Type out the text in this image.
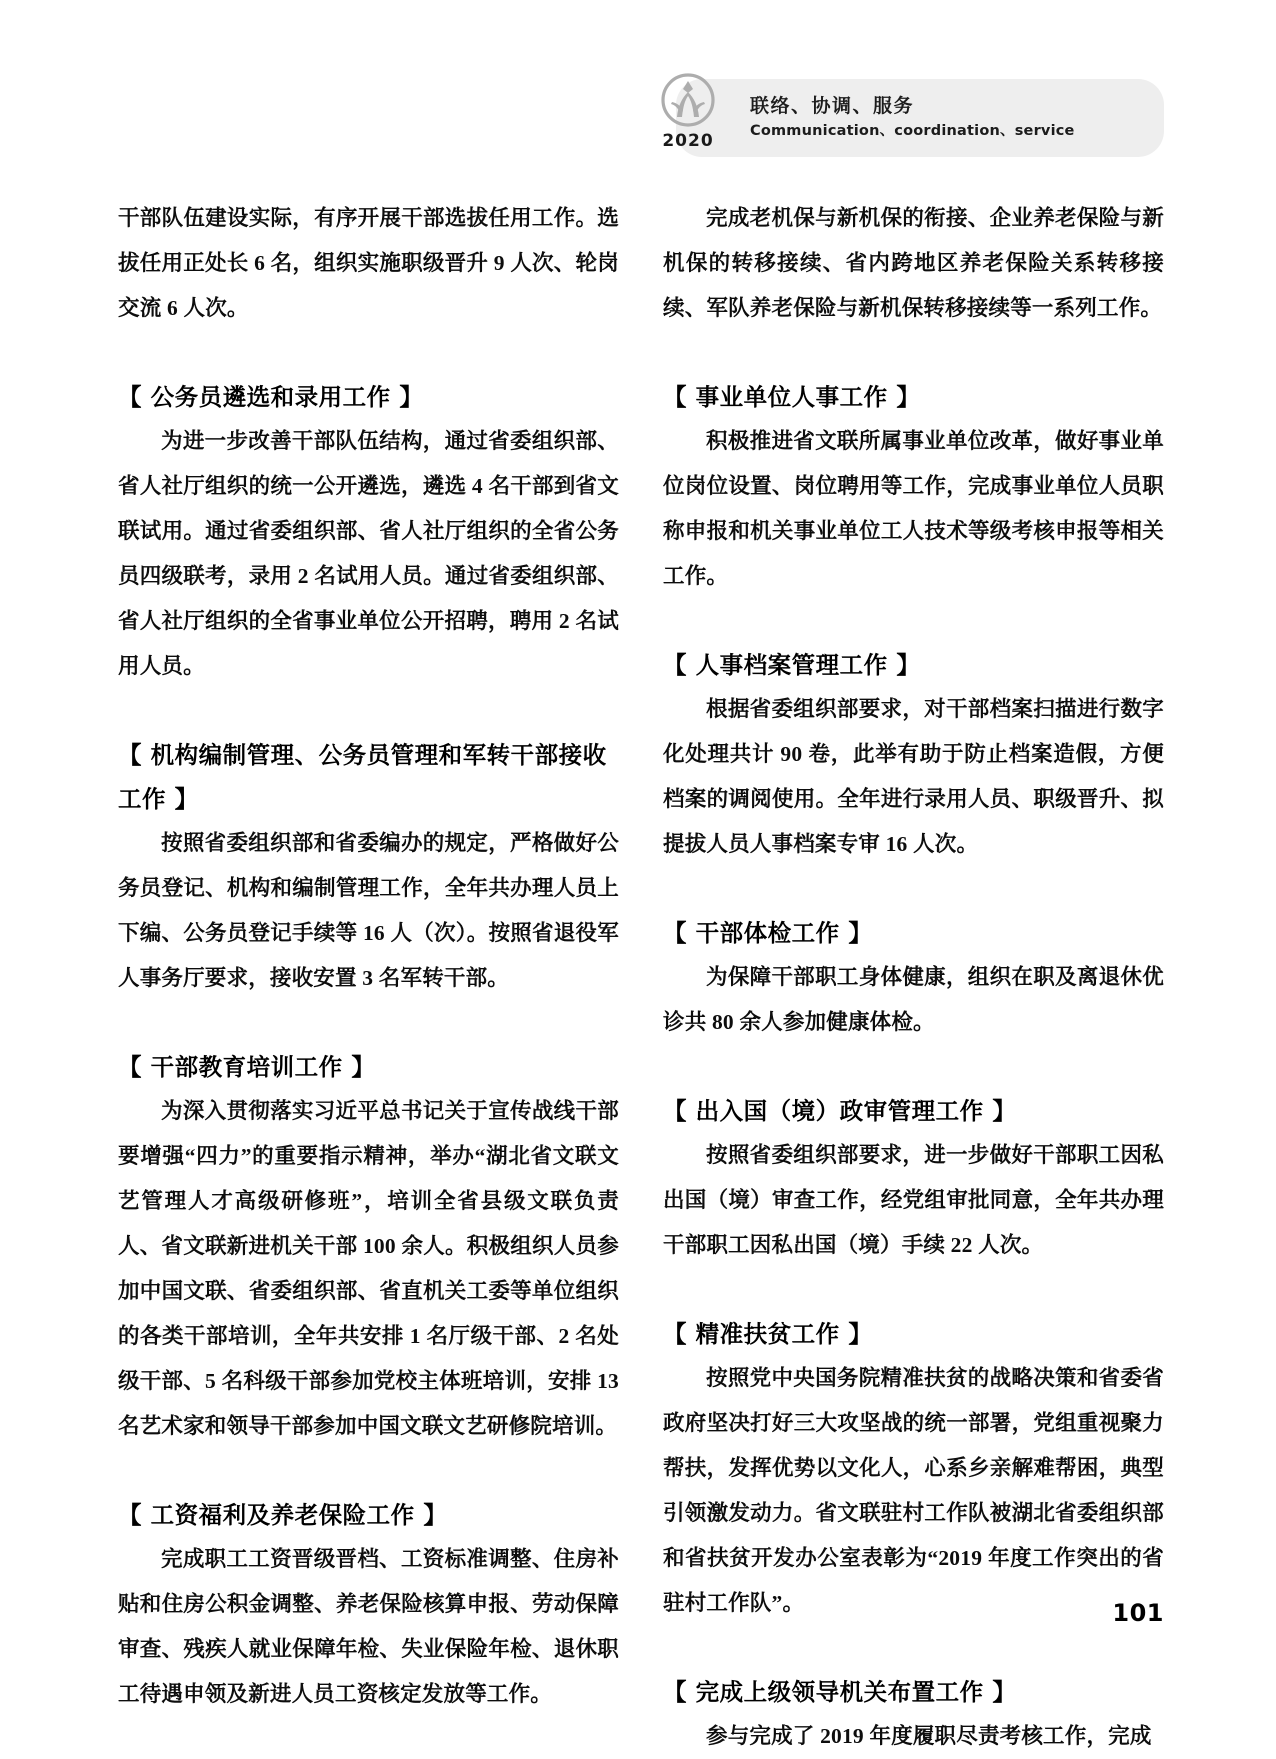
2020
联络、协调、服务
Communication、coordination、service

干部队伍建设实际，有序开展干部选拔任用工作。选拔任用正处长 6 名，组织实施职级晋升 9 人次、轮岗交流 6 人次。

【 公务员遴选和录用工作 】

为进一步改善干部队伍结构，通过省委组织部、省人社厅组织的统一公开遴选，遴选 4 名干部到省文联试用。通过省委组织部、省人社厅组织的全省公务员四级联考，录用 2 名试用人员。通过省委组织部、省人社厅组织的全省事业单位公开招聘，聘用 2 名试用人员。

【 机构编制管理、公务员管理和军转干部接收工作 】

按照省委组织部和省委编办的规定，严格做好公务员登记、机构和编制管理工作，全年共办理人员上下编、公务员登记手续等 16 人（次）。按照省退役军人事务厅要求，接收安置 3 名军转干部。

【 干部教育培训工作 】

为深入贯彻落实习近平总书记关于宣传战线干部要增强“四力”的重要指示精神，举办“湖北省文联文艺管理人才高级研修班”，培训全省县级文联负责人、省文联新进机关干部 100 余人。积极组织人员参加中国文联、省委组织部、省直机关工委等单位组织的各类干部培训，全年共安排 1 名厅级干部、2 名处级干部、5 名科级干部参加党校主体班培训，安排 13 名艺术家和领导干部参加中国文联文艺研修院培训。

【 工资福利及养老保险工作 】

完成职工工资晋级晋档、工资标准调整、住房补贴和住房公积金调整、养老保险核算申报、劳动保障审查、残疾人就业保障年检、失业保险年检、退休职工待遇申领及新进人员工资核定发放等工作。

完成老机保与新机保的衔接、企业养老保险与新机保的转移接续、省内跨地区养老保险关系转移接续、军队养老保险与新机保转移接续等一系列工作。

【 事业单位人事工作 】

积极推进省文联所属事业单位改革，做好事业单位岗位设置、岗位聘用等工作，完成事业单位人员职称申报和机关事业单位工人技术等级考核申报等相关工作。

【 人事档案管理工作 】

根据省委组织部要求，对干部档案扫描进行数字化处理共计 90 卷，此举有助于防止档案造假，方便档案的调阅使用。全年进行录用人员、职级晋升、拟提拔人员人事档案专审 16 人次。

【 干部体检工作 】

为保障干部职工身体健康，组织在职及离退休优诊共 80 余人参加健康体检。

【 出入国（境）政审管理工作 】

按照省委组织部要求，进一步做好干部职工因私出国（境）审查工作，经党组审批同意，全年共办理干部职工因私出国（境）手续 22 人次。

【 精准扶贫工作 】

按照党中央国务院精准扶贫的战略决策和省委省政府坚决打好三大攻坚战的统一部署，党组重视聚力帮扶，发挥优势以文化人，心系乡亲解难帮困，典型引领激发动力。省文联驻村工作队被湖北省委组织部和省扶贫开发办公室表彰为“2019 年度工作突出的省驻村工作队”。

【 完成上级领导机关布置工作 】

参与完成了 2019 年度履职尽责考核工作，完成

101
